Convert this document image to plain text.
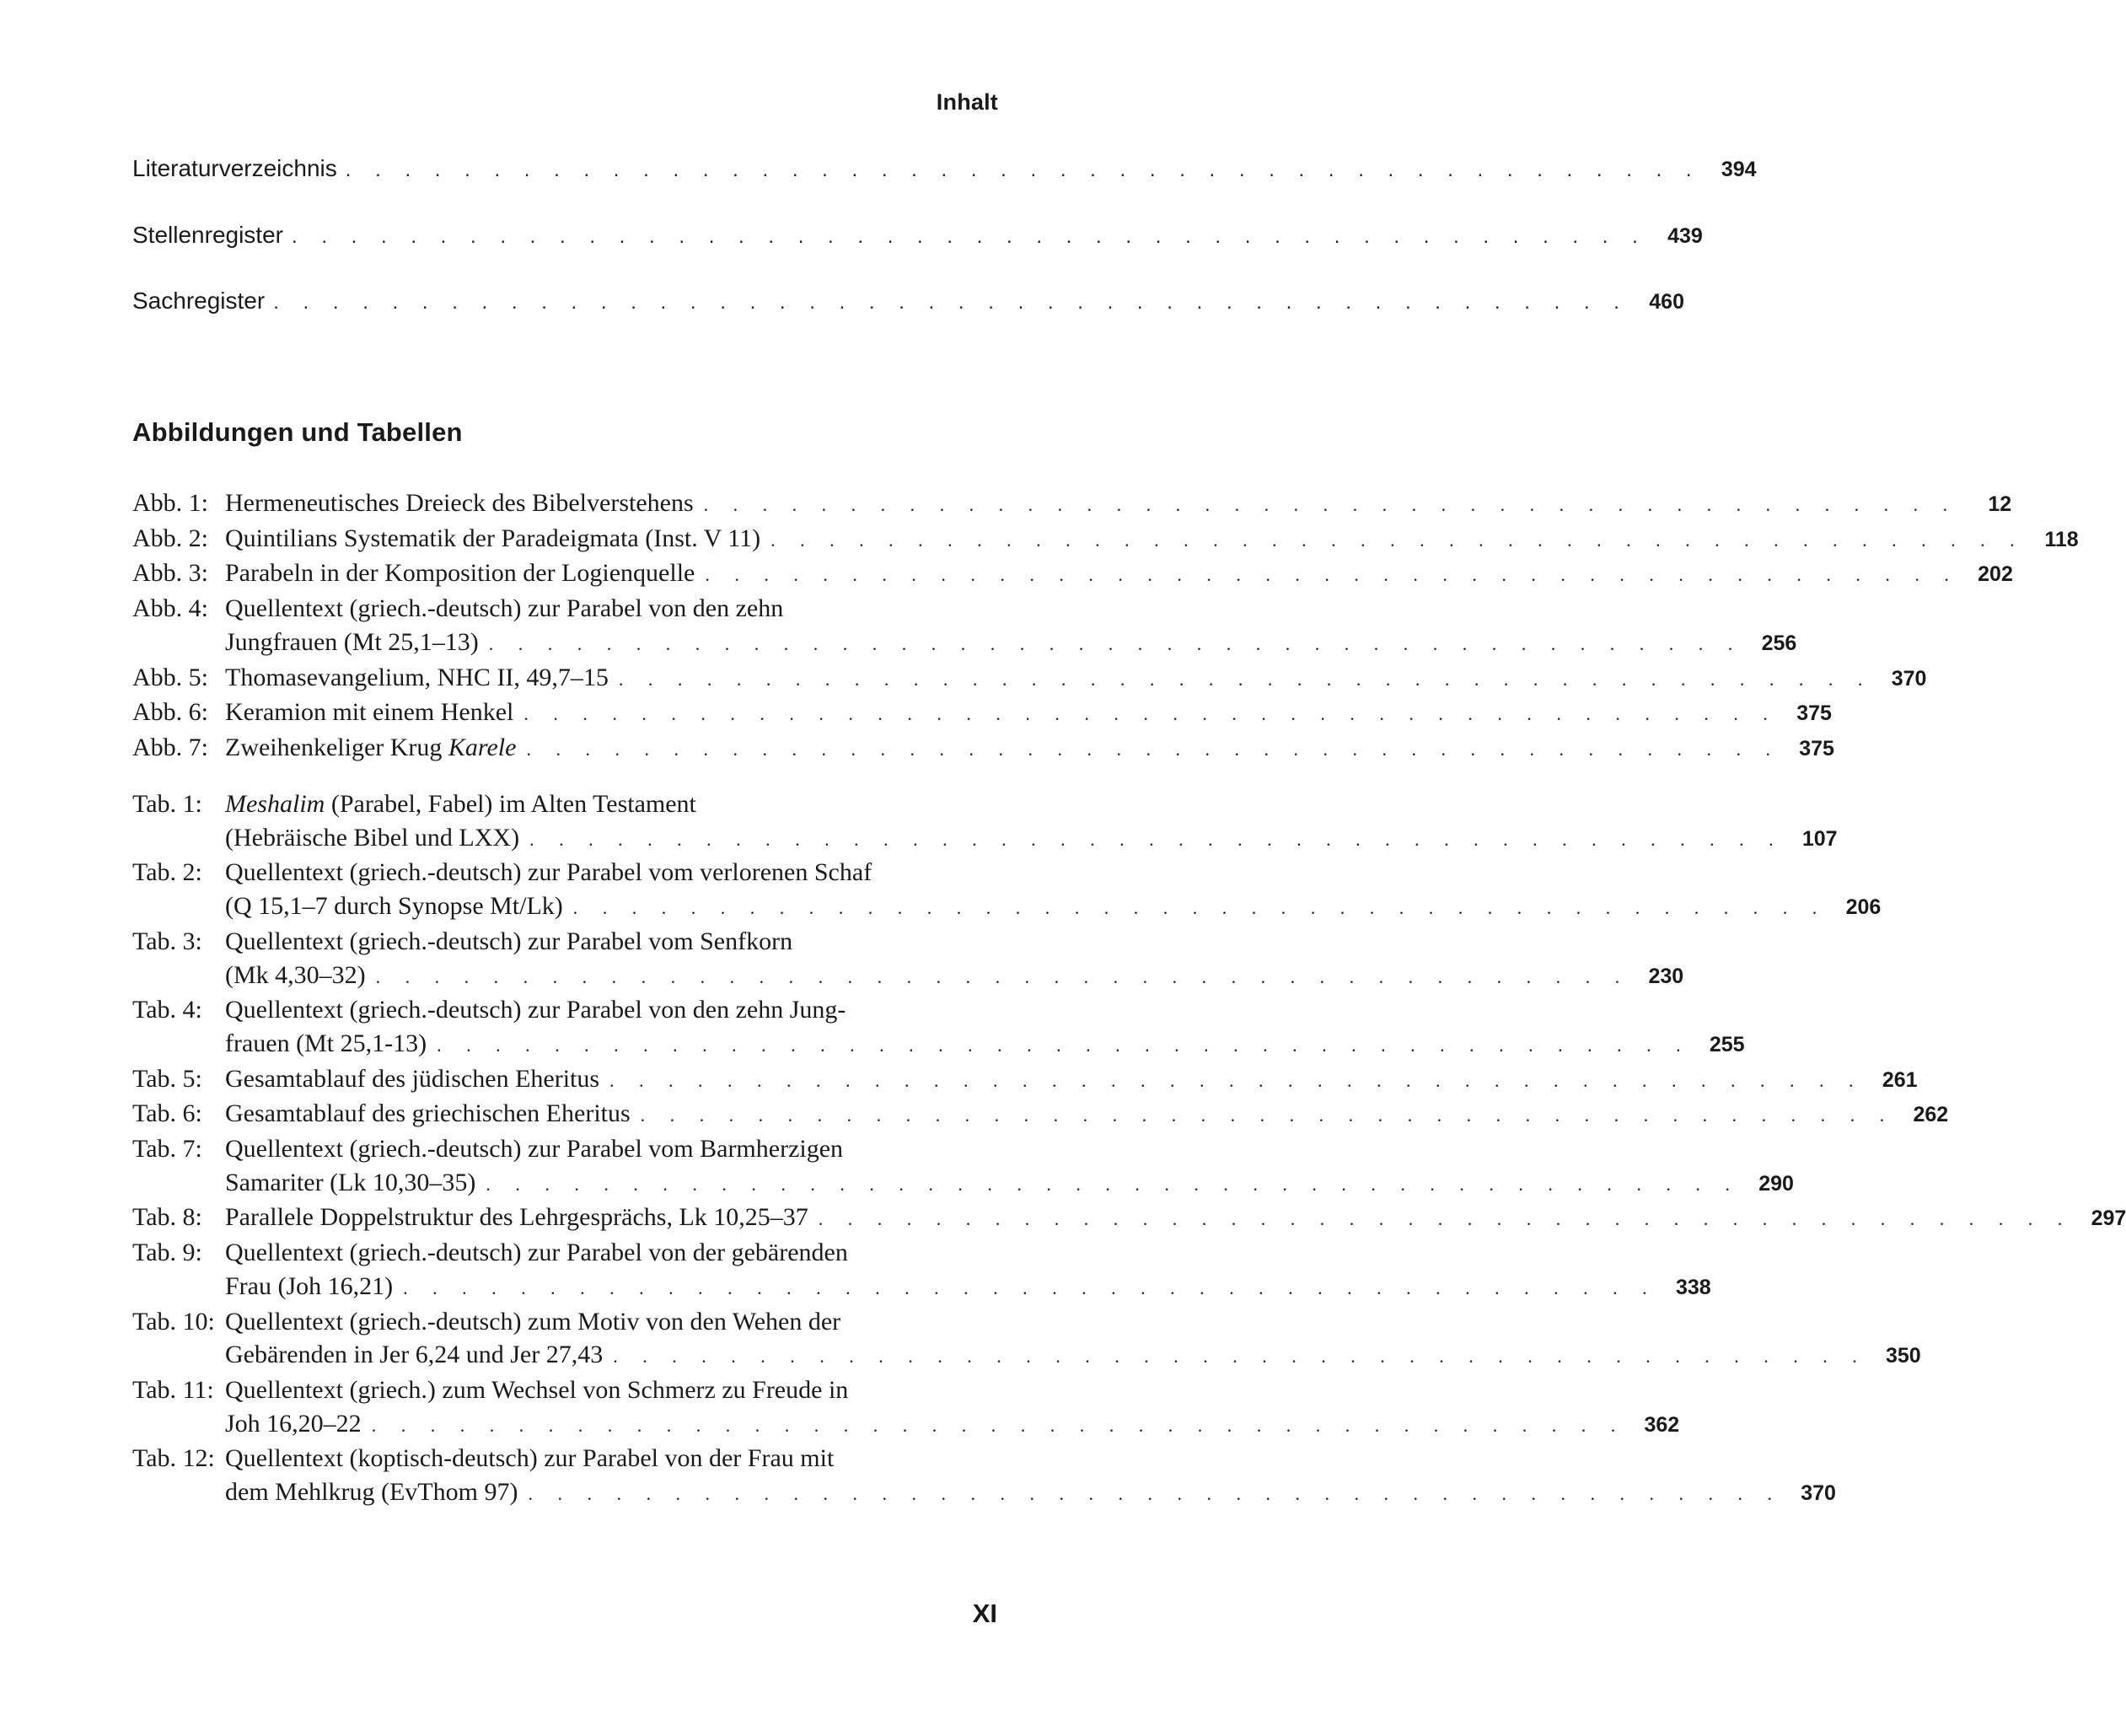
Inhalt
Literaturverzeichnis . . . . . . . . . . . . . . . . . . . . . . . . . . . . . . . . . . . . . . . . . . . . . . 394
Stellenregister . . . . . . . . . . . . . . . . . . . . . . . . . . . . . . . . . . . . . . . . . . . . . . 439
Sachregister . . . . . . . . . . . . . . . . . . . . . . . . . . . . . . . . . . . . . . . . . . . . . . 460
Abbildungen und Tabellen
Abb. 1: Hermeneutisches Dreieck des Bibelverstehens . . . . . . . . . . . . . . . . . . . . . . . . . . . . . . . . . . . . . . . . . . .	12
Abb. 2: Quintilians Systematik der Paradeigmata (Inst. V 11) . . . . . . . . . . . . . . . . . . . . . . . . . . . . . . . . . . . . . . . . . . . 118
Abb. 3: Parabeln in der Komposition der Logienquelle . . . . . . . . . . . . . . . . . . . . . . . . . . . . . . . . . . . . . . . . . . . 202
Abb. 4: Quellentext (griech.-deutsch) zur Parabel von den zehn
Jungfrauen (Mt 25,1–13) . . . . . . . . . . . . . . . . . . . . . . . . . . . . . . . . . . . . . . . . . . . 256
Abb. 5: Thomasevangelium, NHC II, 49,7–15 . . . . . . . . . . . . . . . . . . . . . . . . . . . . . . . . . . . . . . . . . . . 370
Abb. 6: Keramion mit einem Henkel . . . . . . . . . . . . . . . . . . . . . . . . . . . . . . . . . . . . . . . . . . . 375
Abb. 7: Zweihenkeliger Krug Karele . . . . . . . . . . . . . . . . . . . . . . . . . . . . . . . . . . . . . . . . . . . 375
Tab. 1: Meshalim (Parabel, Fabel) im Alten Testament
(Hebräische Bibel und LXX) . . . . . . . . . . . . . . . . . . . . . . . . . . . . . . . . . . . . . . . . . . . 107
Tab. 2: Quellentext (griech.-deutsch) zur Parabel vom verlorenen Schaf
(Q 15,1–7 durch Synopse Mt/Lk) . . . . . . . . . . . . . . . . . . . . . . . . . . . . . . . . . . . . . . . . . . . 206
Tab. 3: Quellentext (griech.-deutsch) zur Parabel vom Senfkorn
(Mk 4,30–32) . . . . . . . . . . . . . . . . . . . . . . . . . . . . . . . . . . . . . . . . . . . 230
Tab. 4: Quellentext (griech.-deutsch) zur Parabel von den zehn Jung-
frauen (Mt 25,1-13) . . . . . . . . . . . . . . . . . . . . . . . . . . . . . . . . . . . . . . . . . . . 255
Tab. 5: Gesamtablauf des jüdischen Eheritus . . . . . . . . . . . . . . . . . . . . . . . . . . . . . . . . . . . . . . . . . . . 261
Tab. 6: Gesamtablauf des griechischen Eheritus . . . . . . . . . . . . . . . . . . . . . . . . . . . . . . . . . . . . . . . . . . . 262
Tab. 7: Quellentext (griech.-deutsch) zur Parabel vom Barmherzigen
Samariter (Lk 10,30–35) . . . . . . . . . . . . . . . . . . . . . . . . . . . . . . . . . . . . . . . . . . . 290
Tab. 8: Parallele Doppelstruktur des Lehrgesprächs, Lk 10,25–37 . . . . . . . . . . . . . . . . . . . . . . . . . . . . . . . . . . . . . . . . . . . 297
Tab. 9: Quellentext (griech.-deutsch) zur Parabel von der gebärenden
Frau (Joh 16,21) . . . . . . . . . . . . . . . . . . . . . . . . . . . . . . . . . . . . . . . . . . . 338
Tab. 10: Quellentext (griech.-deutsch) zum Motiv von den Wehen der
Gebärenden in Jer 6,24 und Jer 27,43 . . . . . . . . . . . . . . . . . . . . . . . . . . . . . . . . . . . . . . . . . . . 350
Tab. 11: Quellentext (griech.) zum Wechsel von Schmerz zu Freude in
Joh 16,20–22 . . . . . . . . . . . . . . . . . . . . . . . . . . . . . . . . . . . . . . . . . . . 362
Tab. 12: Quellentext (koptisch-deutsch) zur Parabel von der Frau mit
dem Mehlkrug (EvThom 97) . . . . . . . . . . . . . . . . . . . . . . . . . . . . . . . . . . . . . . . . . . . 370
XI
